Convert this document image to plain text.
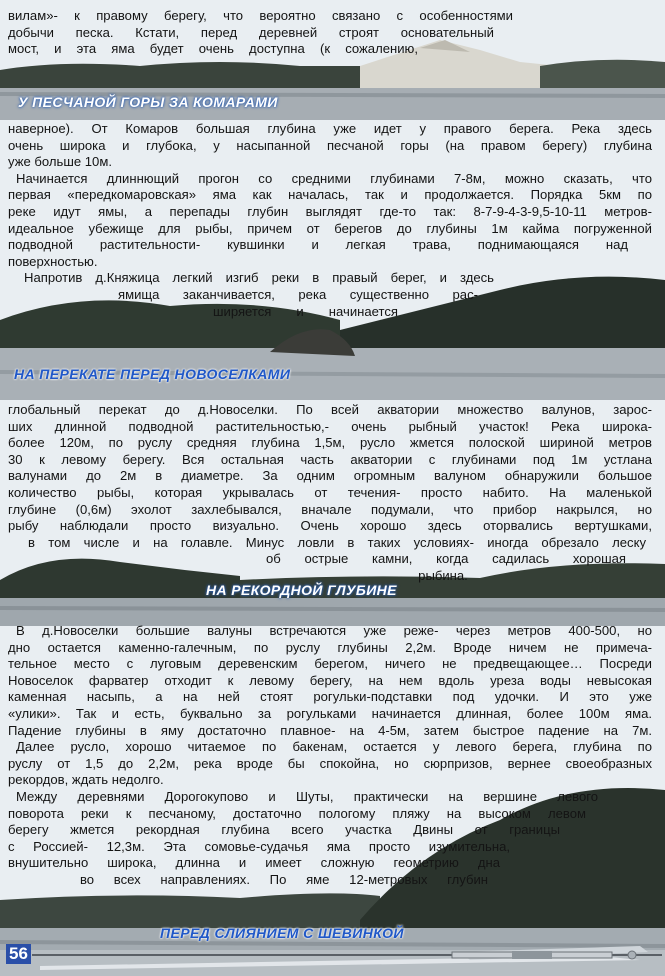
вилам»- к правому берегу, что вероятно связано с особенностями
добычи песка. Кстати, перед деревней строят основательный
мост, и эта яма будет очень доступна (к сожалению,
У ПЕСЧАНОЙ ГОРЫ ЗА КОМАРАМИ
наверное). От Комаров большая глубина уже идет у правого берега. Река здесь
очень широка и глубока, у насыпанной песчаной горы (на правом берегу) глубина
уже больше 10м.
Начинается длиннющий прогон со средними глубинами 7-8м, можно сказать, что
первая «передкомаровская» яма как началась, так и продолжается. Порядка 5км по
реке идут ямы, а перепады глубин выглядят где-то так: 8-7-9-4-3-9,5-10-11 метров-
идеальное убежище для рыбы, причем от берегов до глубины 1м кайма погруженной
подводной растительности- кувшинки и легкая трава, поднимающаяся над
поверхностью.
Напротив д.Княжица легкий изгиб реки в правый берег, и здесь
ямища заканчивается, река существенно рас-
ширяется и начинается
НА ПЕРЕКАТЕ ПЕРЕД НОВОСЕЛКАМИ
глобальный перекат до д.Новоселки. По всей акватории множество валунов, зарос-
ших длинной подводной растительностью,- очень рыбный участок! Река широка-
более 120м, по руслу средняя глубина 1,5м, русло жмется полоской шириной метров
30 к левому берегу. Вся остальная часть акватории с глубинами под 1м устлана
валунами до 2м в диаметре. За одним огромным валуном обнаружили большое
количество рыбы, которая укрывалась от течения- просто набито. На маленькой
глубине (0,6м) эхолот захлебывался, вначале подумали, что прибор накрылся, но
рыбу наблюдали просто визуально. Очень хорошо здесь оторвались вертушками,
в том числе и на голавле. Минус ловли в таких условиях- иногда обрезало леску
об острые камни, когда садилась хорошая
рыбина.
НА РЕКОРДНОЙ ГЛУБИНЕ
В д.Новоселки большие валуны встречаются уже реже- через метров 400-500, но
дно остается каменно-галечным, по руслу глубины 2,2м. Вроде ничем не примеча-
тельное место с луговым деревенским берегом, ничего не предвещающее… Посреди
Новоселок фарватер отходит к левому берегу, на нем вдоль уреза воды невысокая
каменная насыпь, а на ней стоят рогульки-подставки под удочки. И это уже
«улики». Так и есть, буквально за рогульками начинается длинная, более 100м яма.
Падение глубины в яму достаточно плавное- на 4-5м, затем быстрое падение на 7м.
Далее русло, хорошо читаемое по бакенам, остается у левого берега, глубина по
руслу от 1,5 до 2,2м, река вроде бы спокойна, но сюрпризов, вернее своеобразных
рекордов, ждать недолго.
Между деревнями Дорогокупово и Шуты, практически на вершине левого
поворота реки к песчаному, достаточно пологому пляжу на высоком левом
берегу жмется рекордная глубина всего участка Двины от границы
с Россией- 12,3м. Эта сомовье-судачья яма просто изумительна,
внушительно широка, длинна и имеет сложную геометрию дна
во всех направлениях. По яме 12-метровых глубин
ПЕРЕД СЛИЯНИЕМ С ШЕВИНКОЙ
56
